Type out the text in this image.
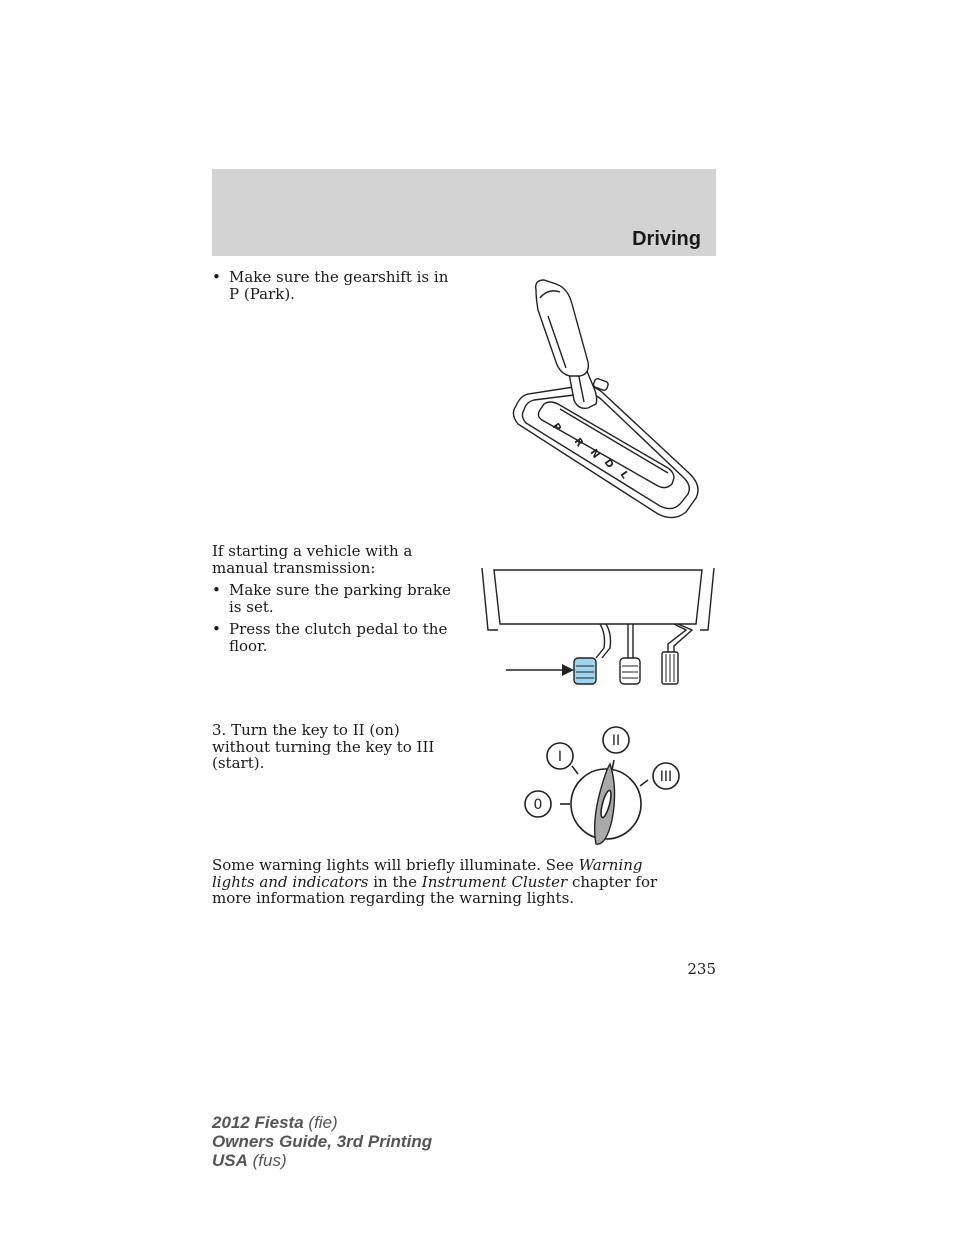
Driving
• Make sure the gearshift is in P (Park).
P
R
N
D
L
If starting a vehicle with a manual transmission:
• Make sure the parking brake is set.
• Press the clutch pedal to the floor.
3. Turn the key to II (on) without turning the key to III (start).
0
I
II
III
Some warning lights will briefly illuminate. See Warning lights and indicators in the Instrument Cluster chapter for more information regarding the warning lights.
235
2012 Fiesta (fie)
Owners Guide, 3rd Printing
USA (fus)
